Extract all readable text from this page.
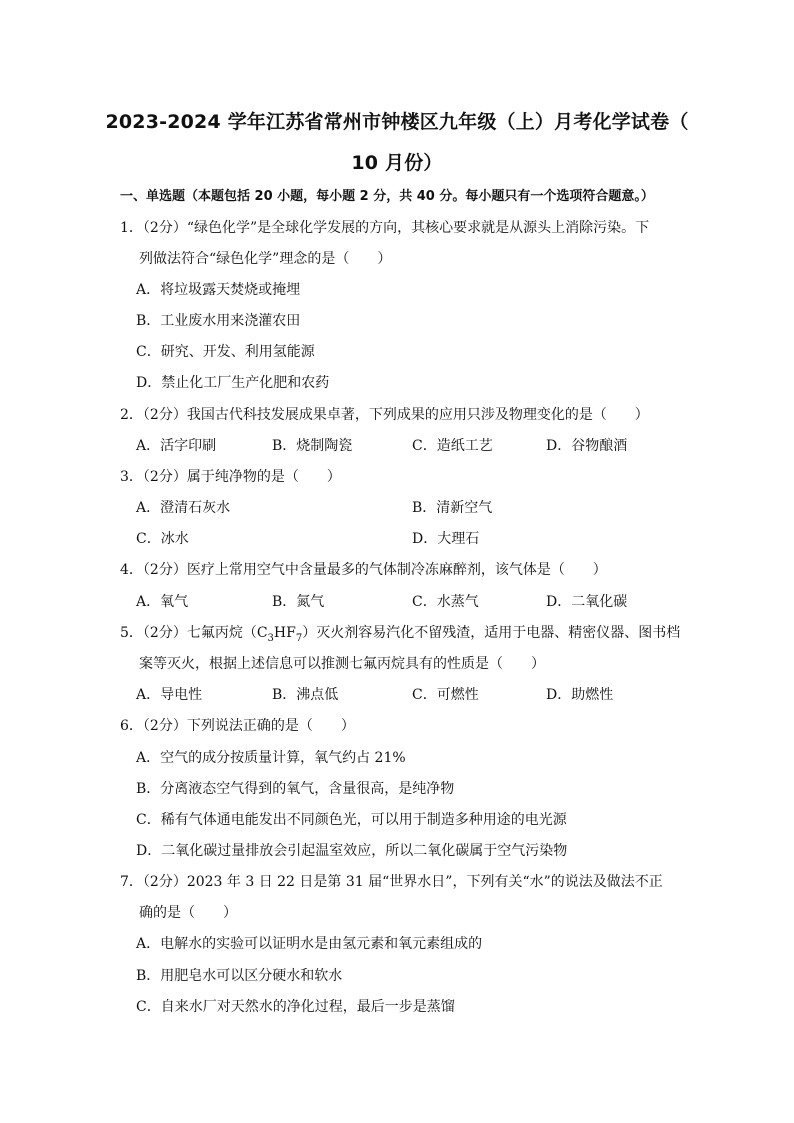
2023-2024 学年江苏省常州市钟楼区九年级（上）月考化学试卷（
10 月份）
一、单选题（本题包括 20 小题，每小题 2 分，共 40 分。每小题只有一个选项符合题意。）
1．（2分）“绿色化学”是全球化学发展的方向，其核心要求就是从源头上消除污染。下
列做法符合“绿色化学”理念的是（　　）
A．将垃圾露天焚烧或掩埋
B．工业废水用来浇灌农田
C．研究、开发、利用氢能源
D．禁止化工厂生产化肥和农药
2．（2分）我国古代科技发展成果卓著，下列成果的应用只涉及物理变化的是（　　）
A．活字印刷	B．烧制陶瓷	C．造纸工艺	D．谷物酿酒
3．（2分）属于纯净物的是（　　）
A．澄清石灰水	B．清新空气
C．冰水	D．大理石
4．（2分）医疗上常用空气中含量最多的气体制冷冻麻醉剂，该气体是（　　）
A．氧气	B．氮气	C．水蒸气	D．二氧化碳
5．（2分）七氟丙烷$(C_3HF_7)$灭火剂容易汽化不留残渣，适用于电器、精密仪器、图书档
案等灭火，根据上述信息可以推测七氟丙烷具有的性质是（　　）
A．导电性	B．沸点低	C．可燃性	D．助燃性
6．（2分）下列说法正确的是（　　）
A．空气的成分按质量计算，氧气约占 21%
B．分离液态空气得到的氧气，含量很高，是纯净物
C．稀有气体通电能发出不同颜色光，可以用于制造多种用途的电光源
D．二氧化碳过量排放会引起温室效应，所以二氧化碳属于空气污染物
7．（2分）2023 年 3 日 22 日是第 31 届“世界水日”，下列有关“水”的说法及做法不正
确的是（　　）
A．电解水的实验可以证明水是由氢元素和氧元素组成的
B．用肥皂水可以区分硬水和软水
C．自来水厂对天然水的净化过程，最后一步是蒸馏
